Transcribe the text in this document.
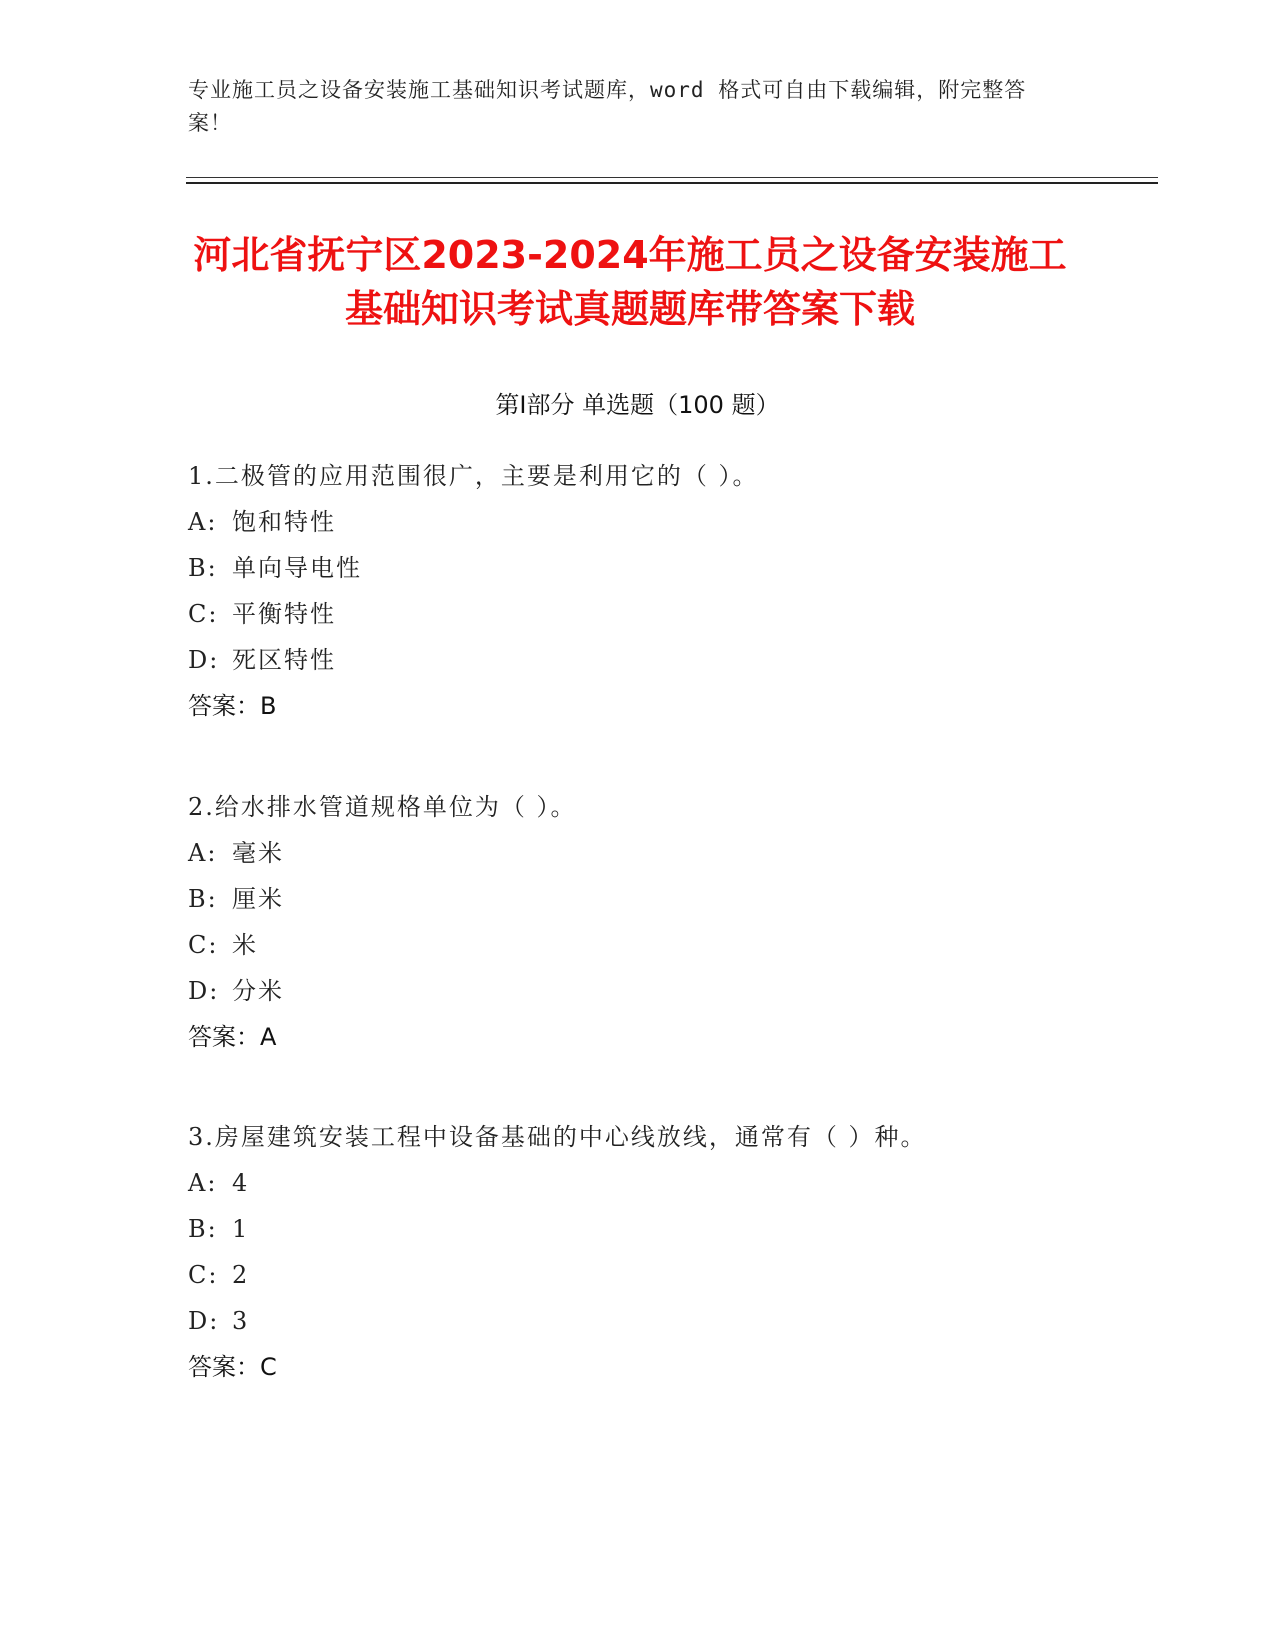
专业施工员之设备安装施工基础知识考试题库，word 格式可自由下载编辑，附完整答案！
河北省抚宁区2023-2024年施工员之设备安装施工基础知识考试真题题库带答案下载
第Ⅰ部分 单选题（100 题）
1.二极管的应用范围很广，主要是利用它的（ ）。
A: 饱和特性
B: 单向导电性
C: 平衡特性
D: 死区特性
答案：B
2.给水排水管道规格单位为（ ）。
A: 毫米
B: 厘米
C: 米
D: 分米
答案：A
3.房屋建筑安装工程中设备基础的中心线放线，通常有（ ）种。
A: 4
B: 1
C: 2
D: 3
答案：C
